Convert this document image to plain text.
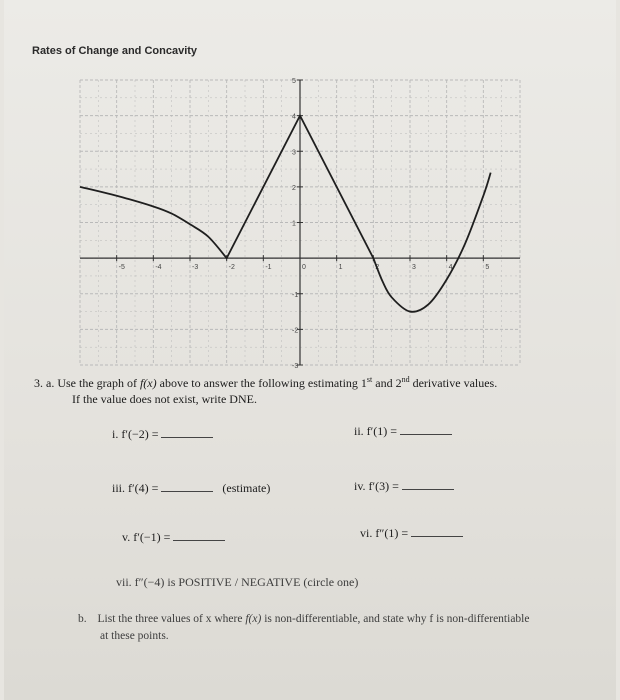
Rates of Change and Concavity
-5	-4	-3	-2	-1	0	1	2	3	4	5
5
4
3
2
1
-1
-2
-3
3. a. Use the graph of f(x) above to answer the following estimating 1st and 2nd derivative values.
If the value does not exist, write DNE.
i. f′(−2) =	ii. f′(1) =
iii. f′(4) =	(estimate)	iv. f′(3) =
v. f′(−1) =	vi. f″(1) =
vii. f″(−4) is POSITIVE / NEGATIVE (circle one)
b. List the three values of x where f(x) is non-differentiable, and state why f is non-differentiable
at these points.
